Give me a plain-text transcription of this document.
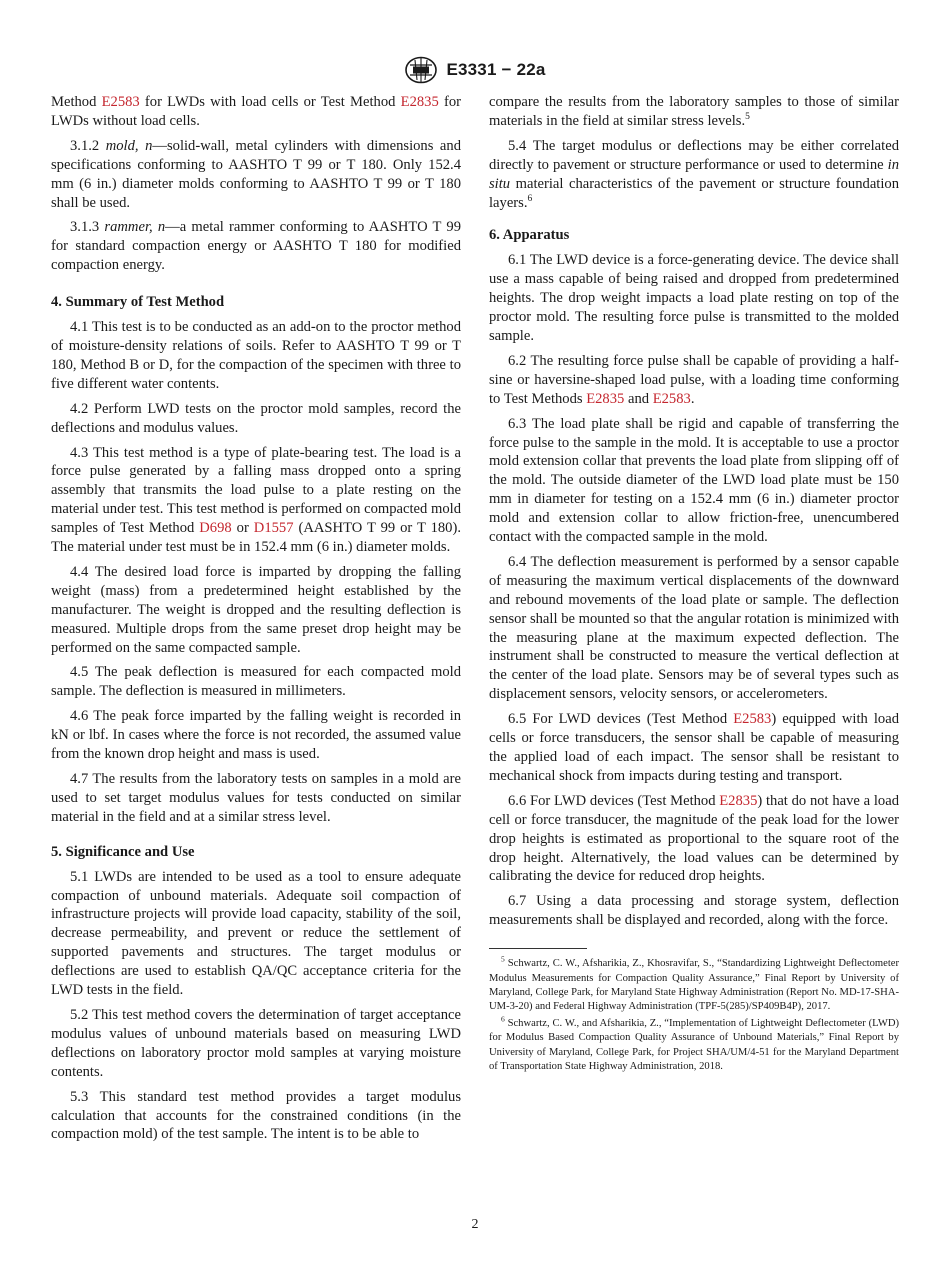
E3331 − 22a

Method E2583 for LWDs with load cells or Test Method E2835 for LWDs without load cells.

3.1.2 mold, n—solid-wall, metal cylinders with dimensions and specifications conforming to AASHTO T 99 or T 180. Only 152.4 mm (6 in.) diameter molds conforming to AASHTO T 99 or T 180 shall be used.

3.1.3 rammer, n—a metal rammer conforming to AASHTO T 99 for standard compaction energy or AASHTO T 180 for modified compaction energy.

4. Summary of Test Method

4.1 This test is to be conducted as an add-on to the proctor method of moisture-density relations of soils. Refer to AASHTO T 99 or T 180, Method B or D, for the compaction of the specimen with three to five different water contents.

4.2 Perform LWD tests on the proctor mold samples, record the deflections and modulus values.

4.3 This test method is a type of plate-bearing test. The load is a force pulse generated by a falling mass dropped onto a spring assembly that transmits the load pulse to a plate resting on the material under test. This test method is performed on compacted mold samples of Test Method D698 or D1557 (AASHTO T 99 or T 180). The material under test must be in 152.4 mm (6 in.) diameter molds.

4.4 The desired load force is imparted by dropping the falling weight (mass) from a predetermined height established by the manufacturer. The weight is dropped and the resulting deflection is measured. Multiple drops from the same preset drop height may be performed on the same compacted sample.

4.5 The peak deflection is measured for each compacted mold sample. The deflection is measured in millimeters.

4.6 The peak force imparted by the falling weight is recorded in kN or lbf. In cases where the force is not recorded, the assumed value from the known drop height and mass is used.

4.7 The results from the laboratory tests on samples in a mold are used to set target modulus values for tests conducted on similar material in the field and at a similar stress level.

5. Significance and Use

5.1 LWDs are intended to be used as a tool to ensure adequate compaction of unbound materials. Adequate soil compaction of infrastructure projects will provide load capacity, stability of the soil, decrease permeability, and prevent or reduce the settlement of supported pavements and structures. The target modulus or deflections are used to establish QA/QC acceptance criteria for the LWD tests in the field.

5.2 This test method covers the determination of target acceptance modulus values of unbound materials based on measuring LWD deflections on laboratory proctor mold samples at varying moisture contents.

5.3 This standard test method provides a target modulus calculation that accounts for the constrained conditions (in the compaction mold) of the test sample. The intent is to be able to

compare the results from the laboratory samples to those of similar materials in the field at similar stress levels.$^5$

5.4 The target modulus or deflections may be either correlated directly to pavement or structure performance or used to determine in situ material characteristics of the pavement or structure foundation layers.$^6$

6. Apparatus

6.1 The LWD device is a force-generating device. The device shall use a mass capable of being raised and dropped from predetermined heights. The drop weight impacts a load plate resting on top of the proctor mold. The resulting force pulse is transmitted to the molded sample.

6.2 The resulting force pulse shall be capable of providing a half-sine or haversine-shaped load pulse, with a loading time conforming to Test Methods E2835 and E2583.

6.3 The load plate shall be rigid and capable of transferring the force pulse to the sample in the mold. It is acceptable to use a proctor mold extension collar that prevents the load plate from slipping off of the mold. The outside diameter of the LWD load plate must be 150 mm in diameter for testing on a 152.4 mm (6 in.) diameter proctor mold and extension collar to allow friction-free, unencumbered contact with the compacted sample in the mold.

6.4 The deflection measurement is performed by a sensor capable of measuring the maximum vertical displacements of the downward and rebound movements of the load plate or sample. The deflection sensor shall be mounted so that the angular rotation is minimized with the measuring plane at the maximum expected deflection. The instrument shall be constructed to measure the vertical deflection at the center of the load plate. Sensors may be of several types such as displacement sensors, velocity sensors, or accelerometers.

6.5 For LWD devices (Test Method E2583) equipped with load cells or force transducers, the sensor shall be capable of measuring the applied load of each impact. The sensor shall be resistant to mechanical shock from impacts during testing and transport.

6.6 For LWD devices (Test Method E2835) that do not have a load cell or force transducer, the magnitude of the peak load for the lower drop heights is estimated as proportional to the square root of the drop height. Alternatively, the load values can be determined by calibrating the device for reduced drop heights.

6.7 Using a data processing and storage system, deflection measurements shall be displayed and recorded, along with the force.

$^5$ Schwartz, C. W., Afsharikia, Z., Khosravifar, S., “Standardizing Lightweight Deflectometer Modulus Measurements for Compaction Quality Assurance,” Final Report by University of Maryland, College Park, for Maryland State Highway Administration (Report No. MD-17-SHA-UM-3-20) and Federal Highway Administration (TPF-5(285)/SP409B4P), 2017.

$^6$ Schwartz, C. W., and Afsharikia, Z., “Implementation of Lightweight Deflectometer (LWD) for Modulus Based Compaction Quality Assurance of Unbound Materials,” Final Report by University of Maryland, College Park, for Project SHA/UM/4-51 for the Maryland Department of Transportation State Highway Administration, 2018.

2
